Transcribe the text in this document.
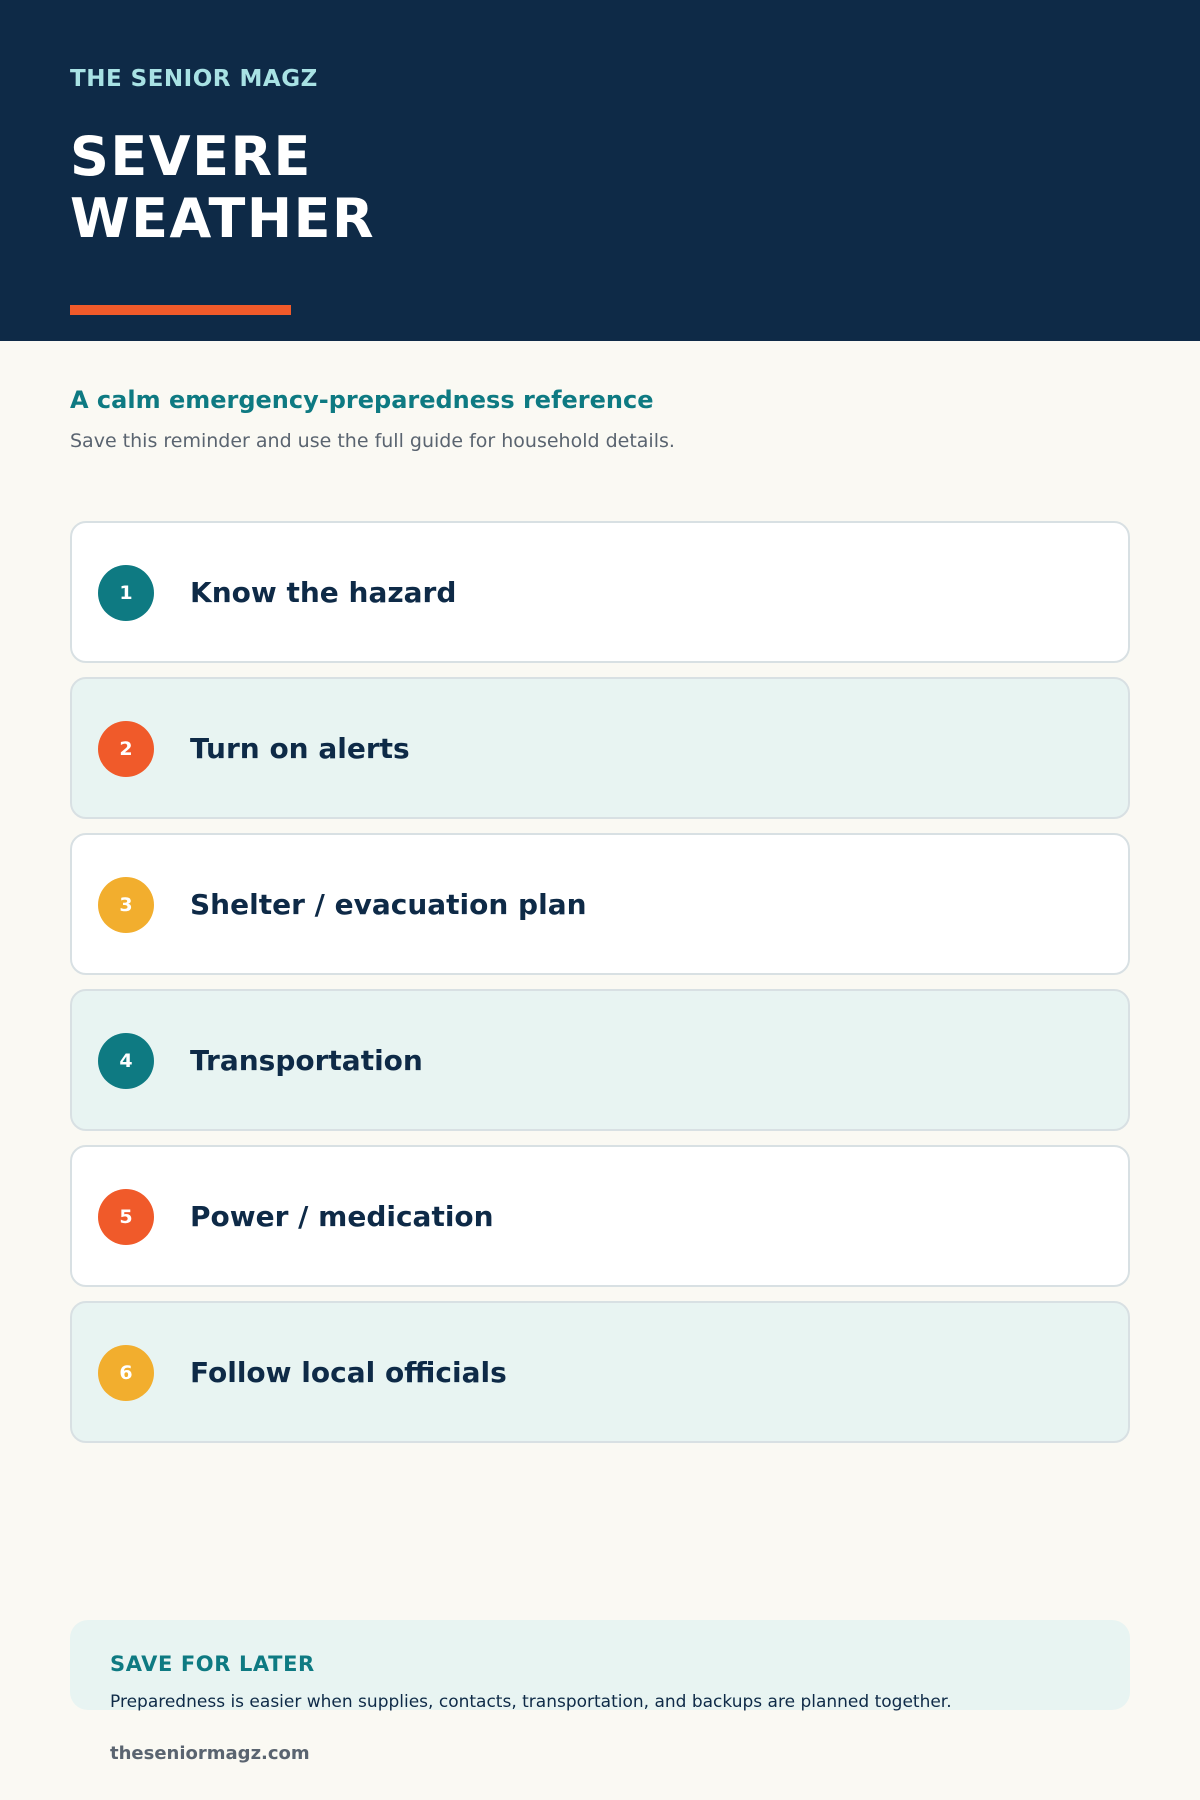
THE SENIOR MAGZ
SEVERE
WEATHER
A calm emergency-preparedness reference
Save this reminder and use the full guide for household details.
1	Know the hazard
2	Turn on alerts
3	Shelter / evacuation plan
4	Transportation
5	Power / medication
6	Follow local officials
SAVE FOR LATER
Preparedness is easier when supplies, contacts, transportation, and backups are planned together.
theseniormagz.com
